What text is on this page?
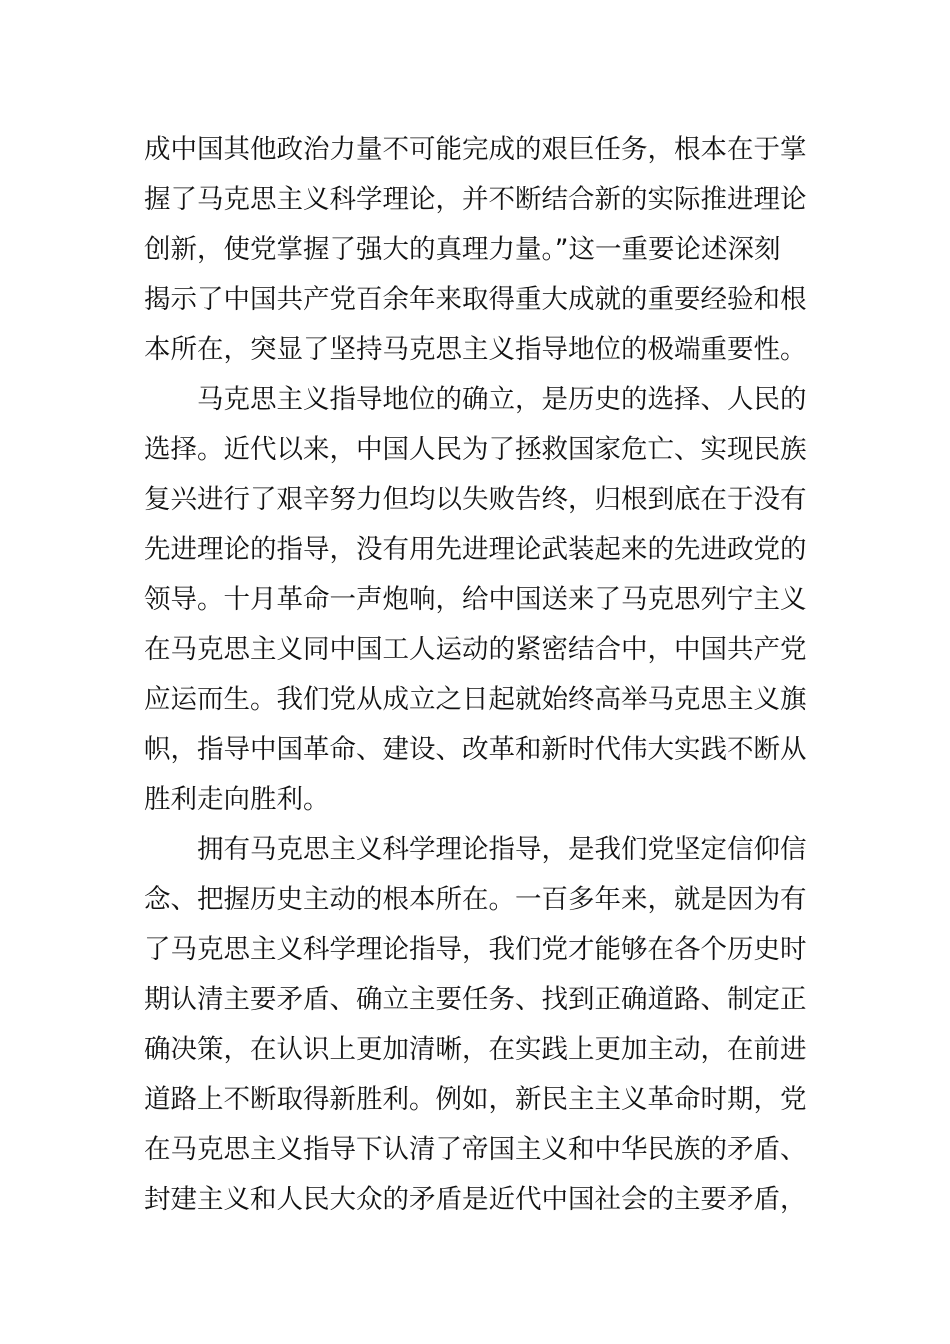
成中国其他政治力量不可能完成的艰巨任务，根本在于掌
握了马克思主义科学理论，并不断结合新的实际推进理论
创新，使党掌握了强大的真理力量。”这一重要论述深刻
揭示了中国共产党百余年来取得重大成就的重要经验和根
本所在，突显了坚持马克思主义指导地位的极端重要性。
马克思主义指导地位的确立，是历史的选择、人民的
选择。近代以来，中国人民为了拯救国家危亡、实现民族
复兴进行了艰辛努力但均以失败告终，归根到底在于没有
先进理论的指导，没有用先进理论武装起来的先进政党的
领导。十月革命一声炮响，给中国送来了马克思列宁主义
在马克思主义同中国工人运动的紧密结合中，中国共产党
应运而生。我们党从成立之日起就始终高举马克思主义旗
帜，指导中国革命、建设、改革和新时代伟大实践不断从
胜利走向胜利。
拥有马克思主义科学理论指导，是我们党坚定信仰信
念、把握历史主动的根本所在。一百多年来，就是因为有
了马克思主义科学理论指导，我们党才能够在各个历史时
期认清主要矛盾、确立主要任务、找到正确道路、制定正
确决策，在认识上更加清晰，在实践上更加主动，在前进
道路上不断取得新胜利。例如，新民主主义革命时期，党
在马克思主义指导下认清了帝国主义和中华民族的矛盾、
封建主义和人民大众的矛盾是近代中国社会的主要矛盾，
